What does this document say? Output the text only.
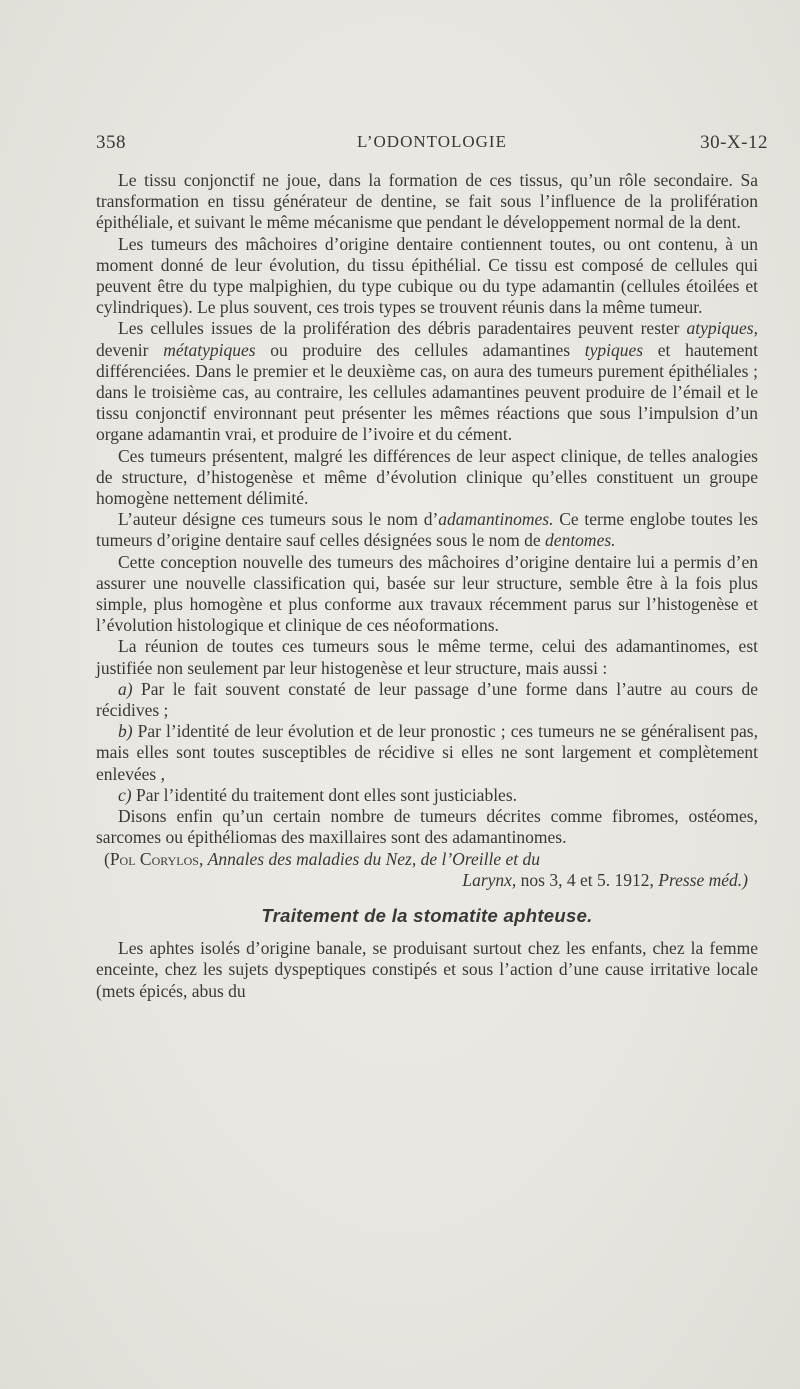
358	L’ODONTOLOGIE	30-X-12

Le tissu conjonctif ne joue, dans la formation de ces tissus, qu’un rôle secondaire. Sa transformation en tissu générateur de dentine, se fait sous l’influence de la prolifération épithéliale, et suivant le même mécanisme que pendant le développement normal de la dent.

Les tumeurs des mâchoires d’origine dentaire contiennent toutes, ou ont contenu, à un moment donné de leur évolution, du tissu épithélial. Ce tissu est composé de cellules qui peuvent être du type malpighien, du type cubique ou du type adamantin (cellules étoilées et cylindriques). Le plus souvent, ces trois types se trouvent réunis dans la même tumeur.

Les cellules issues de la prolifération des débris paradentaires peuvent rester atypiques, devenir métatypiques ou produire des cellules adamantines typiques et hautement différenciées. Dans le premier et le deuxième cas, on aura des tumeurs purement épithéliales ; dans le troisième cas, au contraire, les cellules adamantines peuvent produire de l’émail et le tissu conjonctif environnant peut présenter les mêmes réactions que sous l’impulsion d’un organe adamantin vrai, et produire de l’ivoire et du cément.

Ces tumeurs présentent, malgré les différences de leur aspect clinique, de telles analogies de structure, d’histogenèse et même d’évolution clinique qu’elles constituent un groupe homogène nettement délimité.

L’auteur désigne ces tumeurs sous le nom d’adamantinomes. Ce terme englobe toutes les tumeurs d’origine dentaire sauf celles désignées sous le nom de dentomes.

Cette conception nouvelle des tumeurs des mâchoires d’origine dentaire lui a permis d’en assurer une nouvelle classification qui, basée sur leur structure, semble être à la fois plus simple, plus homogène et plus conforme aux travaux récemment parus sur l’histogenèse et l’évolution histologique et clinique de ces néoformations.

La réunion de toutes ces tumeurs sous le même terme, celui des adamantinomes, est justifiée non seulement par leur histogenèse et leur structure, mais aussi :

a) Par le fait souvent constaté de leur passage d’une forme dans l’autre au cours de récidives ;

b) Par l’identité de leur évolution et de leur pronostic ; ces tumeurs ne se généralisent pas, mais elles sont toutes susceptibles de récidive si elles ne sont largement et complètement enlevées ,

c) Par l’identité du traitement dont elles sont justiciables.

Disons enfin qu’un certain nombre de tumeurs décrites comme fibromes, ostéomes, sarcomes ou épithéliomas des maxillaires sont des adamantinomes.

(Pol Corylos, Annales des maladies du Nez, de l’Oreille et du
Larynx, nos 3, 4 et 5. 1912, Presse méd.)

Traitement de la stomatite aphteuse.

Les aphtes isolés d’origine banale, se produisant surtout chez les enfants, chez la femme enceinte, chez les sujets dyspeptiques constipés et sous l’action d’une cause irritative locale (mets épicés, abus du
